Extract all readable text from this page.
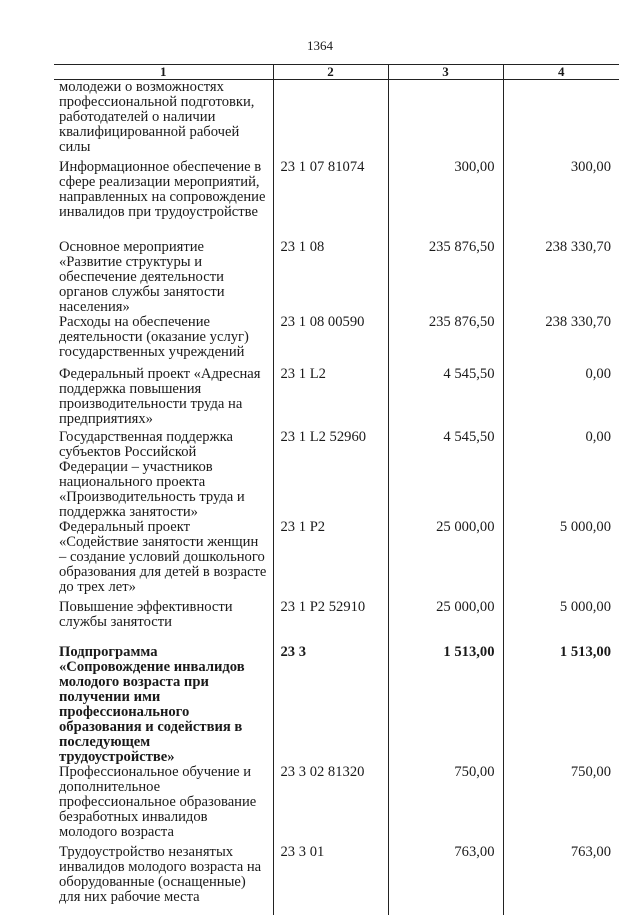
1364
1	2	3	4
молодежи о возможностях профессиональной подготовки, работодателей о наличии квалифицированной рабочей силы			
Информационное обеспечение в сфере реализации мероприятий, направленных на сопровождение инвалидов при трудоустройстве	23 1 07 81074	300,00	300,00
Основное мероприятие «Развитие структуры и обеспечение деятельности органов службы занятости населения»	23 1 08	235 876,50	238 330,70
Расходы на обеспечение деятельности (оказание услуг) государственных учреждений	23 1 08 00590	235 876,50	238 330,70
Федеральный проект «Адресная поддержка повышения производительности труда на предприятиях»	23 1 L2	4 545,50	0,00
Государственная поддержка субъектов Российской Федерации – участников национального проекта «Производительность труда и поддержка занятости»	23 1 L2 52960	4 545,50	0,00
Федеральный проект «Содействие занятости женщин – создание условий дошкольного образования для детей в возрасте до трех лет»	23 1 P2	25 000,00	5 000,00
Повышение эффективности службы занятости	23 1 P2 52910	25 000,00	5 000,00
Подпрограмма «Сопровождение инвалидов молодого возраста при получении ими профессионального образования и содействия в последующем трудоустройстве»	23 3	1 513,00	1 513,00
Профессиональное обучение и дополнительное профессиональное образование безработных инвалидов молодого возраста	23 3 02 81320	750,00	750,00
Трудоустройство незанятых инвалидов молодого возраста на оборудованные (оснащенные) для них рабочие места	23 3 01	763,00	763,00
